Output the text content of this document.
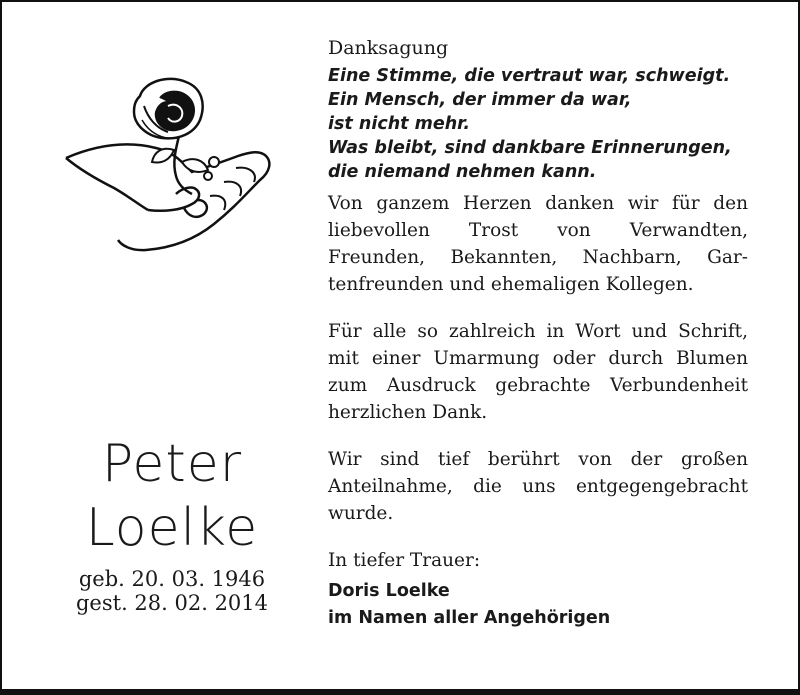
Peter
Loelke
geb. 20. 03. 1946
gest. 28. 02. 2014

Danksagung

Eine Stimme, die vertraut war, schweigt.
Ein Mensch, der immer da war,
ist nicht mehr.
Was bleibt, sind dankbare Erinnerungen,
die niemand nehmen kann.

Von ganzem Herzen danken wir für den liebevollen Trost von Verwandten, Freunden, Bekannten, Nachbarn, Gartenfreunden und ehemaligen Kollegen.

Für alle so zahlreich in Wort und Schrift, mit einer Umarmung oder durch Blumen zum Ausdruck gebrachte Verbundenheit herzlichen Dank.

Wir sind tief berührt von der großen Anteilnahme, die uns entgegengebracht wurde.

In tiefer Trauer:

Doris Loelke
im Namen aller Angehörigen
